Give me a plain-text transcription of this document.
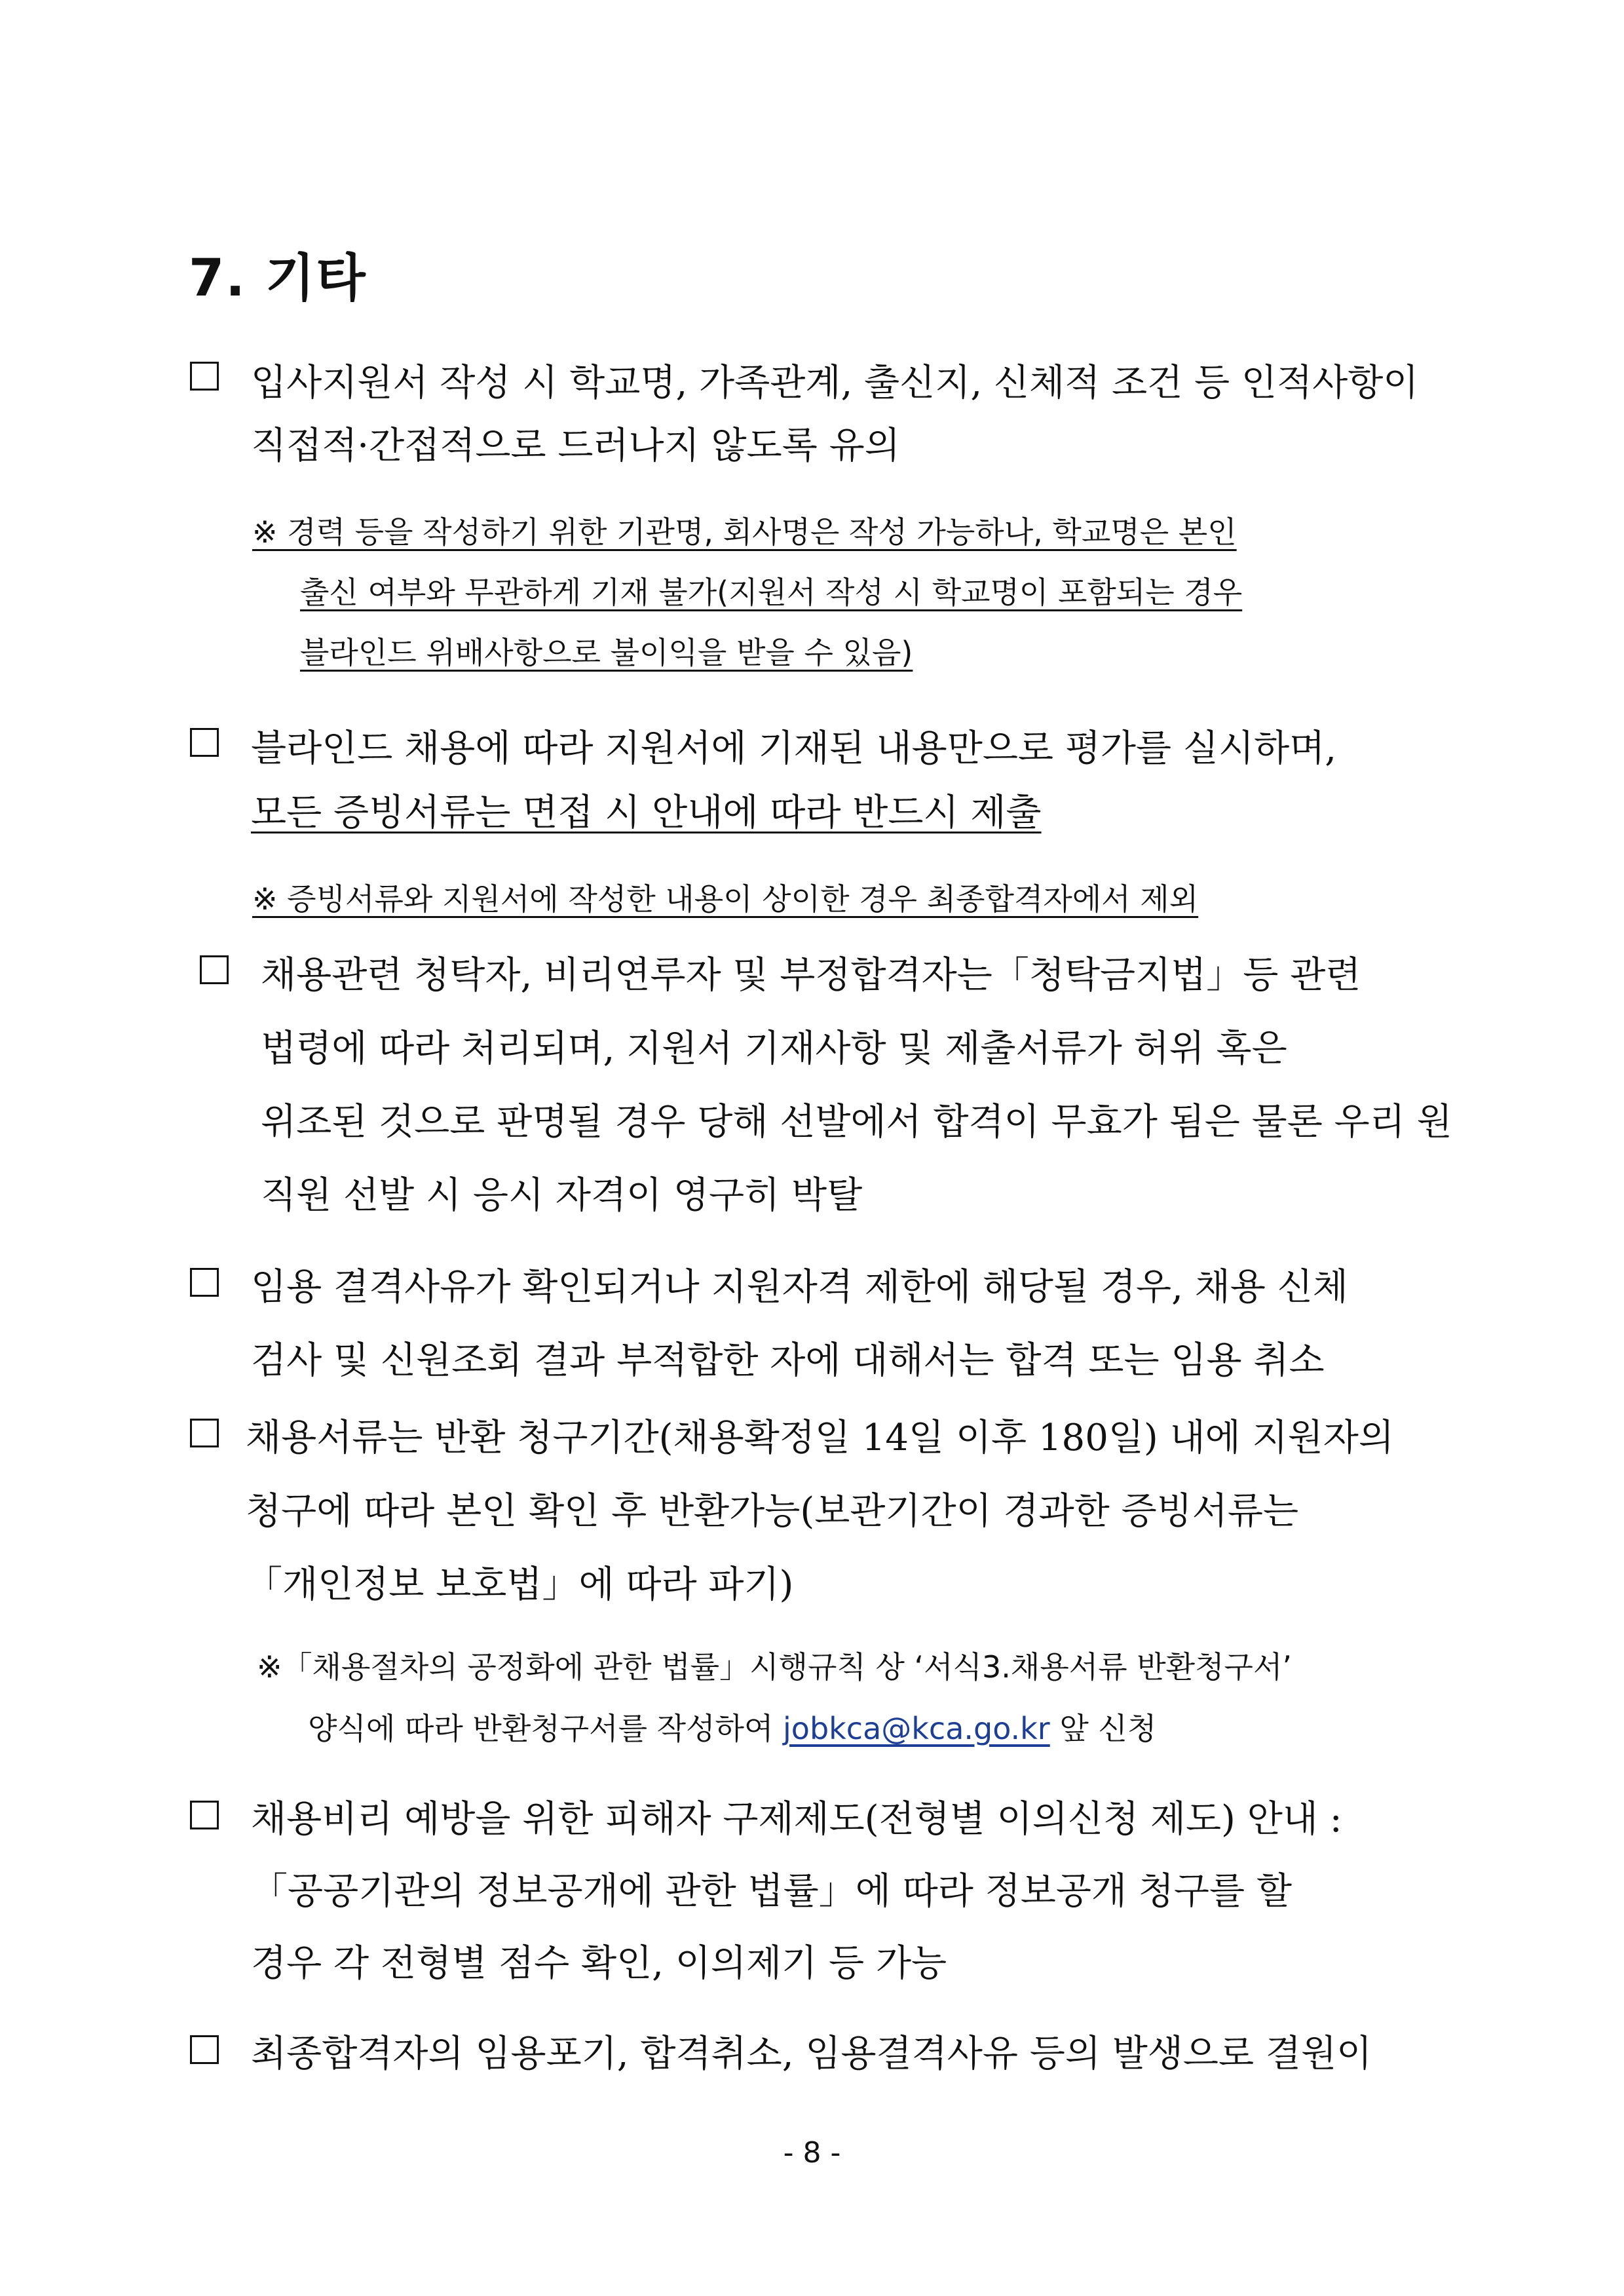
7. 기타
입사지원서 작성 시 학교명, 가족관계, 출신지, 신체적 조건 등 인적사항이
직접적·간접적으로 드러나지 않도록 유의
※ 경력 등을 작성하기 위한 기관명, 회사명은 작성 가능하나, 학교명은 본인
출신 여부와 무관하게 기재 불가(지원서 작성 시 학교명이 포함되는 경우
블라인드 위배사항으로 불이익을 받을 수 있음)
블라인드 채용에 따라 지원서에 기재된 내용만으로 평가를 실시하며,
모든 증빙서류는 면접 시 안내에 따라 반드시 제출
※ 증빙서류와 지원서에 작성한 내용이 상이한 경우 최종합격자에서 제외
채용관련 청탁자, 비리연루자 및 부정합격자는「청탁금지법」등 관련
법령에 따라 처리되며, 지원서 기재사항 및 제출서류가 허위 혹은
위조된 것으로 판명될 경우 당해 선발에서 합격이 무효가 됨은 물론 우리 원
직원 선발 시 응시 자격이 영구히 박탈
임용 결격사유가 확인되거나 지원자격 제한에 해당될 경우, 채용 신체
검사 및 신원조회 결과 부적합한 자에 대해서는 합격 또는 임용 취소
채용서류는 반환 청구기간(채용확정일 14일 이후 180일) 내에 지원자의
청구에 따라 본인 확인 후 반환가능(보관기간이 경과한 증빙서류는
「개인정보 보호법」에 따라 파기)
※「채용절차의 공정화에 관한 법률」시행규칙 상 ‘서식3.채용서류 반환청구서’
양식에 따라 반환청구서를 작성하여 jobkca@kca.go.kr 앞 신청
채용비리 예방을 위한 피해자 구제제도(전형별 이의신청 제도) 안내 :
「공공기관의 정보공개에 관한 법률」에 따라 정보공개 청구를 할
경우 각 전형별 점수 확인, 이의제기 등 가능
최종합격자의 임용포기, 합격취소, 임용결격사유 등의 발생으로 결원이
- 8 -
